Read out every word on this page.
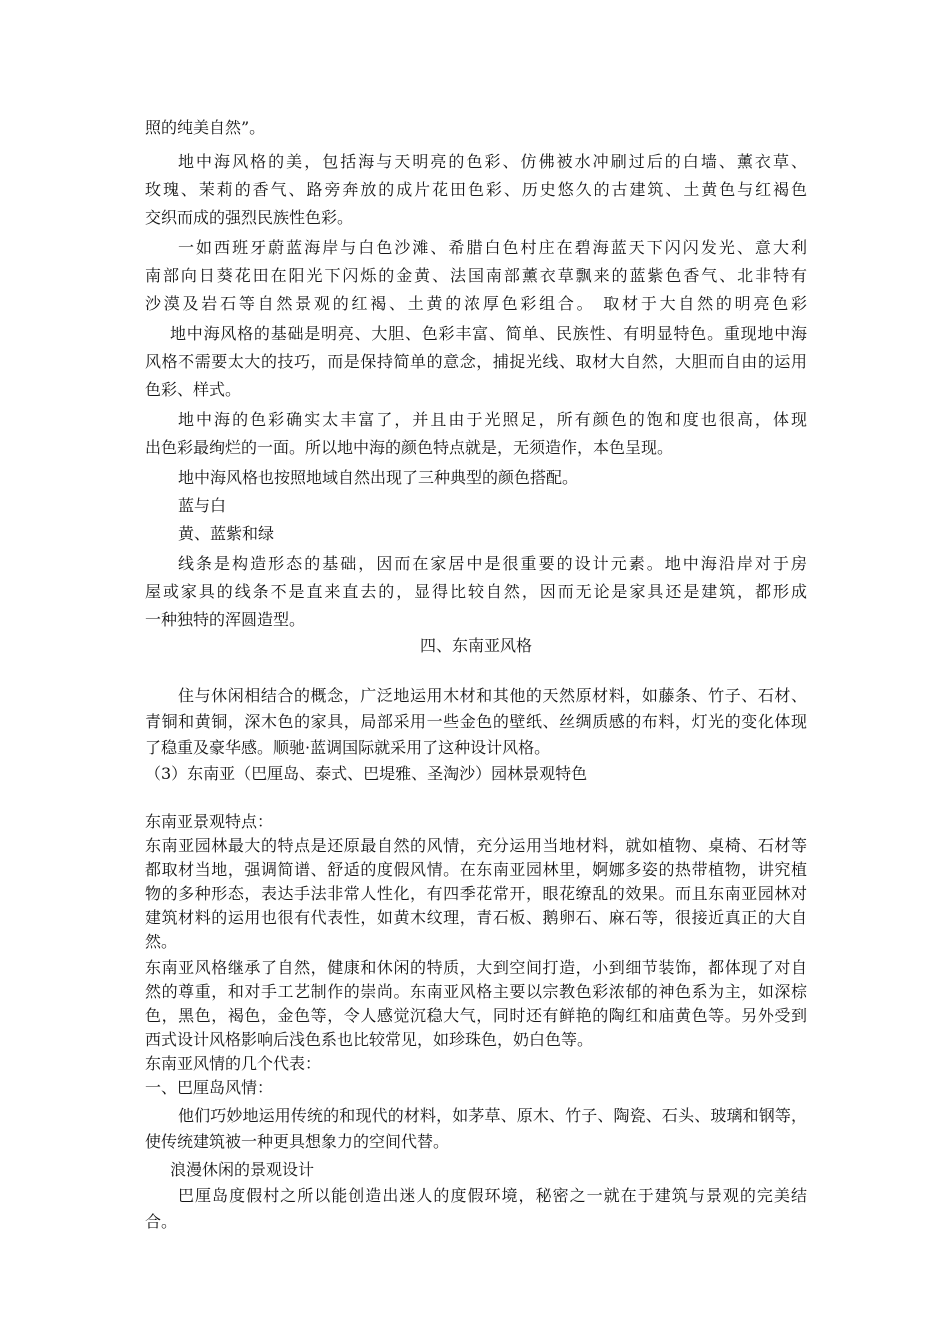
照的纯美自然”。
地中海风格的美，包括海与天明亮的色彩、仿佛被水冲刷过后的白墙、薰衣草、
玫瑰、茉莉的香气、路旁奔放的成片花田色彩、历史悠久的古建筑、土黄色与红褐色
交织而成的强烈民族性色彩。
一如西班牙蔚蓝海岸与白色沙滩、希腊白色村庄在碧海蓝天下闪闪发光、意大利
南部向日葵花田在阳光下闪烁的金黄、法国南部薰衣草飘来的蓝紫色香气、北非特有
沙漠及岩石等自然景观的红褐、土黄的浓厚色彩组合。 取材于大自然的明亮色彩
地中海风格的基础是明亮、大胆、色彩丰富、简单、民族性、有明显特色。重现地中海
风格不需要太大的技巧，而是保持简单的意念，捕捉光线、取材大自然，大胆而自由的运用
色彩、样式。
地中海的色彩确实太丰富了，并且由于光照足，所有颜色的饱和度也很高，体现
出色彩最绚烂的一面。所以地中海的颜色特点就是，无须造作，本色呈现。
地中海风格也按照地域自然出现了三种典型的颜色搭配。
蓝与白
黄、蓝紫和绿
线条是构造形态的基础，因而在家居中是很重要的设计元素。地中海沿岸对于房
屋或家具的线条不是直来直去的，显得比较自然，因而无论是家具还是建筑，都形成
一种独特的浑圆造型。
四、东南亚风格
住与休闲相结合的概念，广泛地运用木材和其他的天然原材料，如藤条、竹子、石材、
青铜和黄铜，深木色的家具，局部采用一些金色的壁纸、丝绸质感的布料，灯光的变化体现
了稳重及豪华感。顺驰·蓝调国际就采用了这种设计风格。
（3）东南亚（巴厘岛、泰式、巴堤雅、圣淘沙）园林景观特色
东南亚景观特点：
东南亚园林最大的特点是还原最自然的风情，充分运用当地材料，就如植物、桌椅、石材等
都取材当地，强调简谱、舒适的度假风情。在东南亚园林里，婀娜多姿的热带植物，讲究植
物的多种形态，表达手法非常人性化，有四季花常开，眼花缭乱的效果。而且东南亚园林对
建筑材料的运用也很有代表性，如黄木纹理，青石板、鹅卵石、麻石等，很接近真正的大自
然。
东南亚风格继承了自然，健康和休闲的特质，大到空间打造，小到细节装饰，都体现了对自
然的尊重，和对手工艺制作的崇尚。东南亚风格主要以宗教色彩浓郁的神色系为主，如深棕
色，黑色，褐色，金色等，令人感觉沉稳大气，同时还有鲜艳的陶红和庙黄色等。另外受到
西式设计风格影响后浅色系也比较常见，如珍珠色，奶白色等。
东南亚风情的几个代表：
一、巴厘岛风情：
他们巧妙地运用传统的和现代的材料，如茅草、原木、竹子、陶瓷、石头、玻璃和钢等，
使传统建筑被一种更具想象力的空间代替。
浪漫休闲的景观设计
巴厘岛度假村之所以能创造出迷人的度假环境，秘密之一就在于建筑与景观的完美结
合。
